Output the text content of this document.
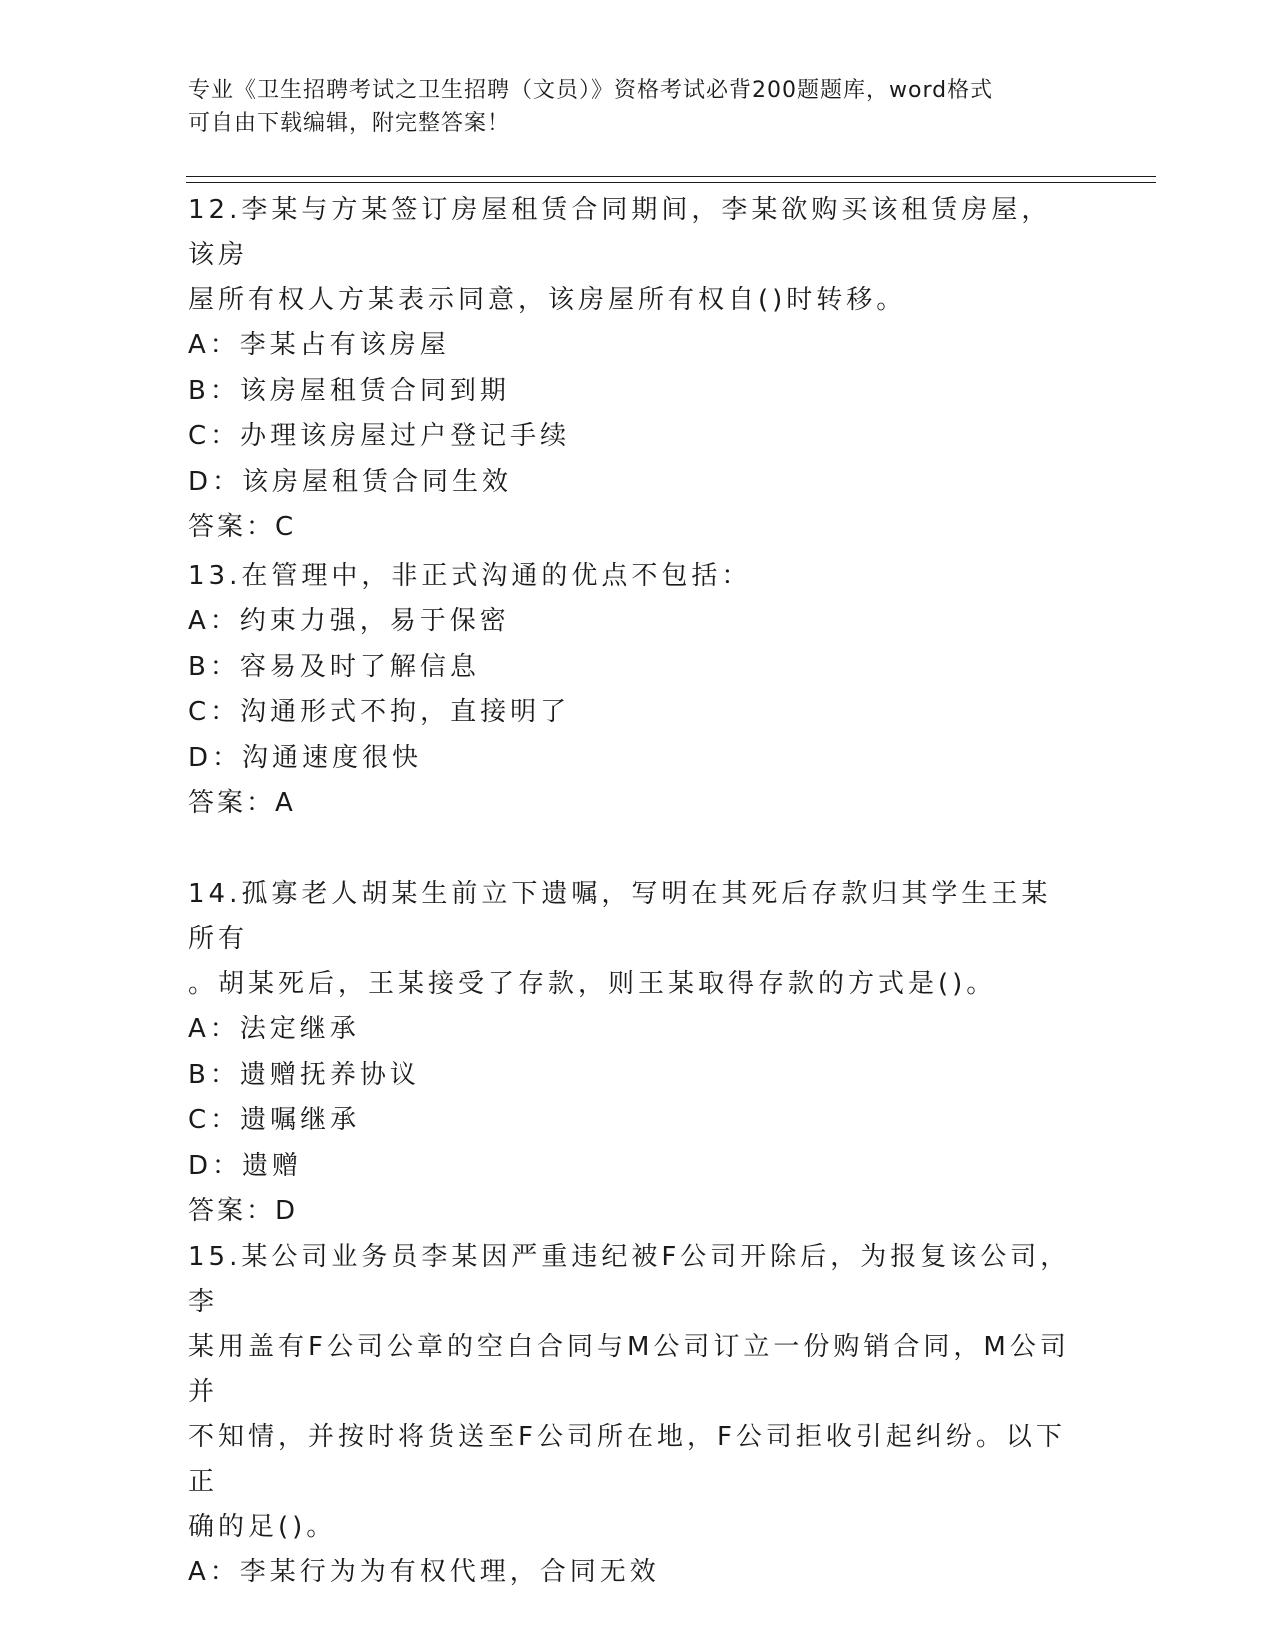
专业《卫生招聘考试之卫生招聘（文员）》资格考试必背200题题库，word格式
可自由下载编辑，附完整答案！

12.李某与方某签订房屋租赁合同期间，李某欲购买该租赁房屋，该房

屋所有权人方某表示同意，该房屋所有权自()时转移。

A：李某占有该房屋

B：该房屋租赁合同到期

C：办理该房屋过户登记手续

D：该房屋租赁合同生效

答案：C

13.在管理中，非正式沟通的优点不包括：

A：约束力强，易于保密

B：容易及时了解信息

C：沟通形式不拘，直接明了

D：沟通速度很快

答案：A

14.孤寡老人胡某生前立下遗嘱，写明在其死后存款归其学生王某所有

。胡某死后，王某接受了存款，则王某取得存款的方式是()。

A：法定继承

B：遗赠抚养协议

C：遗嘱继承

D：遗赠

答案：D

15.某公司业务员李某因严重违纪被F公司开除后，为报复该公司，李

某用盖有F公司公章的空白合同与M公司订立一份购销合同，M公司并

不知情，并按时将货送至F公司所在地，F公司拒收引起纠纷。以下正

确的足()。

A：李某行为为有权代理，合同无效
